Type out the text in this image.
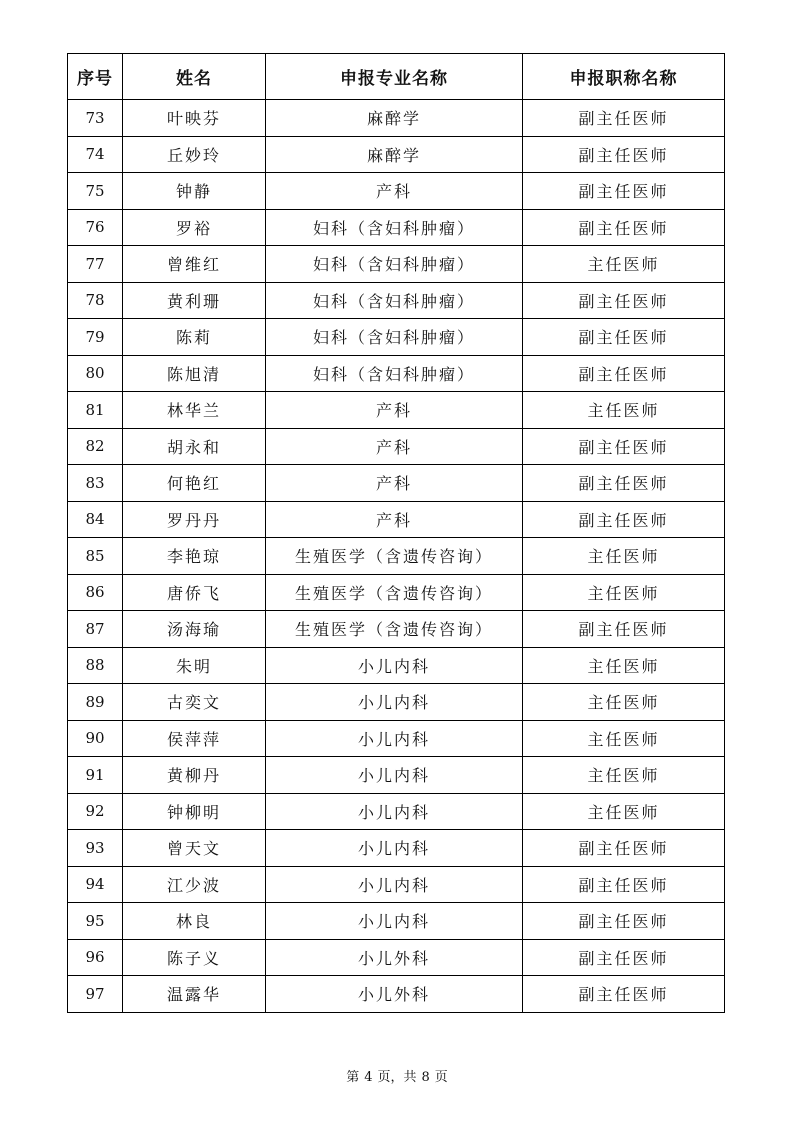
序号	姓名	申报专业名称	申报职称名称
73	叶映芬	麻醉学	副主任医师
74	丘妙玲	麻醉学	副主任医师
75	钟静	产科	副主任医师
76	罗裕	妇科（含妇科肿瘤）	副主任医师
77	曾维红	妇科（含妇科肿瘤）	主任医师
78	黄利珊	妇科（含妇科肿瘤）	副主任医师
79	陈莉	妇科（含妇科肿瘤）	副主任医师
80	陈旭清	妇科（含妇科肿瘤）	副主任医师
81	林华兰	产科	主任医师
82	胡永和	产科	副主任医师
83	何艳红	产科	副主任医师
84	罗丹丹	产科	副主任医师
85	李艳琼	生殖医学（含遗传咨询）	主任医师
86	唐侨飞	生殖医学（含遗传咨询）	主任医师
87	汤海瑜	生殖医学（含遗传咨询）	副主任医师
88	朱明	小儿内科	主任医师
89	古奕文	小儿内科	主任医师
90	侯萍萍	小儿内科	主任医师
91	黄柳丹	小儿内科	主任医师
92	钟柳明	小儿内科	主任医师
93	曾天文	小儿内科	副主任医师
94	江少波	小儿内科	副主任医师
95	林良	小儿内科	副主任医师
96	陈子义	小儿外科	副主任医师
97	温露华	小儿外科	副主任医师
第 4 页，共 8 页
